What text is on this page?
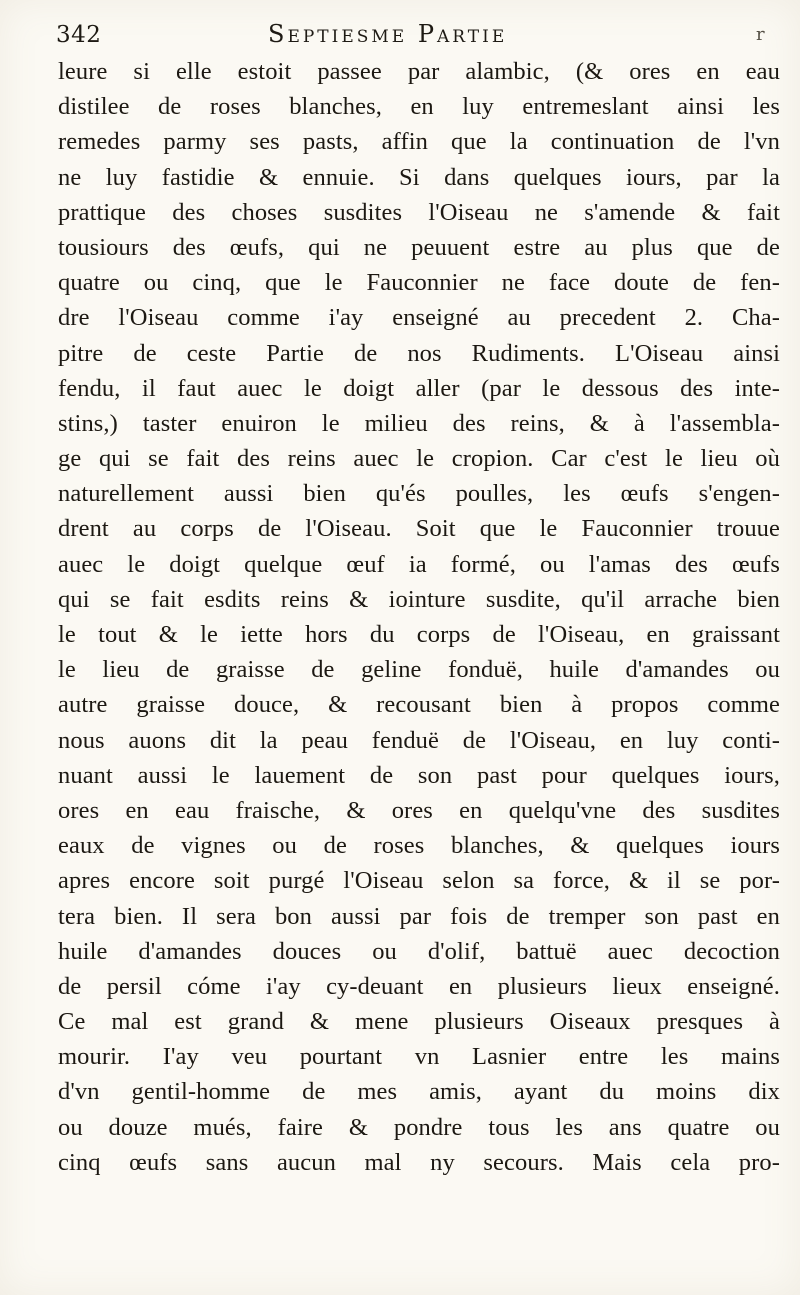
342	Septiesme Partie	r
leure si elle estoit passee par alambic, (& ores en eau
distilee de roses blanches, en luy entremeslant ainsi les
remedes parmy ses pasts, affin que la continuation de l'vn
ne luy fastidie & ennuie. Si dans quelques iours, par la
prattique des choses susdites l'Oiseau ne s'amende & fait
tousiours des œufs, qui ne peuuent estre au plus que de
quatre ou cinq, que le Fauconnier ne face doute de fen-
dre l'Oiseau comme i'ay enseigné au precedent 2. Cha-
pitre de ceste Partie de nos Rudiments. L'Oiseau ainsi
fendu, il faut auec le doigt aller (par le dessous des inte-
stins,) taster enuiron le milieu des reins, & à l'assembla-
ge qui se fait des reins auec le cropion. Car c'est le lieu où
naturellement aussi bien qu'és poulles, les œufs s'engen-
drent au corps de l'Oiseau. Soit que le Fauconnier trouue
auec le doigt quelque œuf ia formé, ou l'amas des œufs
qui se fait esdits reins & iointure susdite, qu'il arrache bien
le tout & le iette hors du corps de l'Oiseau, en graissant
le lieu de graisse de geline fonduë, huile d'amandes ou
autre graisse douce, & recousant bien à propos comme
nous auons dit la peau fenduë de l'Oiseau, en luy conti-
nuant aussi le lauement de son past pour quelques iours,
ores en eau fraische, & ores en quelqu'vne des susdites
eaux de vignes ou de roses blanches, & quelques iours
apres encore soit purgé l'Oiseau selon sa force, & il se por-
tera bien. Il sera bon aussi par fois de tremper son past en
huile d'amandes douces ou d'olif, battuë auec decoction
de persil cóme i'ay cy-deuant en plusieurs lieux enseigné.
Ce mal est grand & mene plusieurs Oiseaux presques à
mourir. I'ay veu pourtant vn Lasnier entre les mains
d'vn gentil-homme de mes amis, ayant du moins dix
ou douze mués, faire & pondre tous les ans quatre ou
cinq œufs sans aucun mal ny secours. Mais cela pro-
